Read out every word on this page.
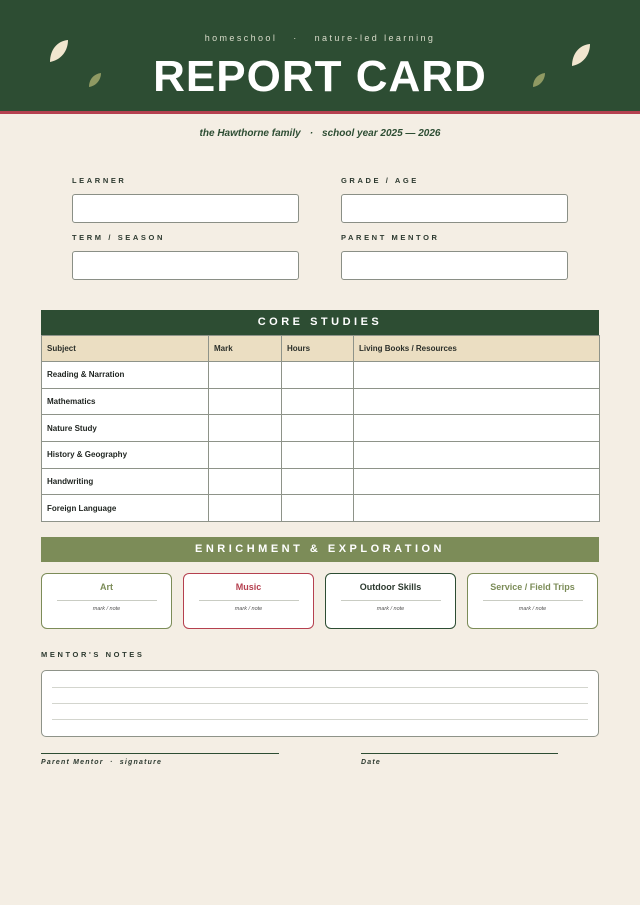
homeschool · nature-led learning
REPORT CARD
the Hawthorne family · school year 2025 — 2026
LEARNER	GRADE / AGE
TERM / SEASON	PARENT MENTOR
CORE STUDIES
Subject	Mark	Hours	Living Books / Resources
Reading & Narration			
Mathematics			
Nature Study			
History & Geography			
Handwriting			
Foreign Language			
ENRICHMENT & EXPLORATION
Art
mark / note
Music
mark / note
Outdoor Skills
mark / note
Service / Field Trips
mark / note
MENTOR'S NOTES
Parent Mentor · signature	Date
